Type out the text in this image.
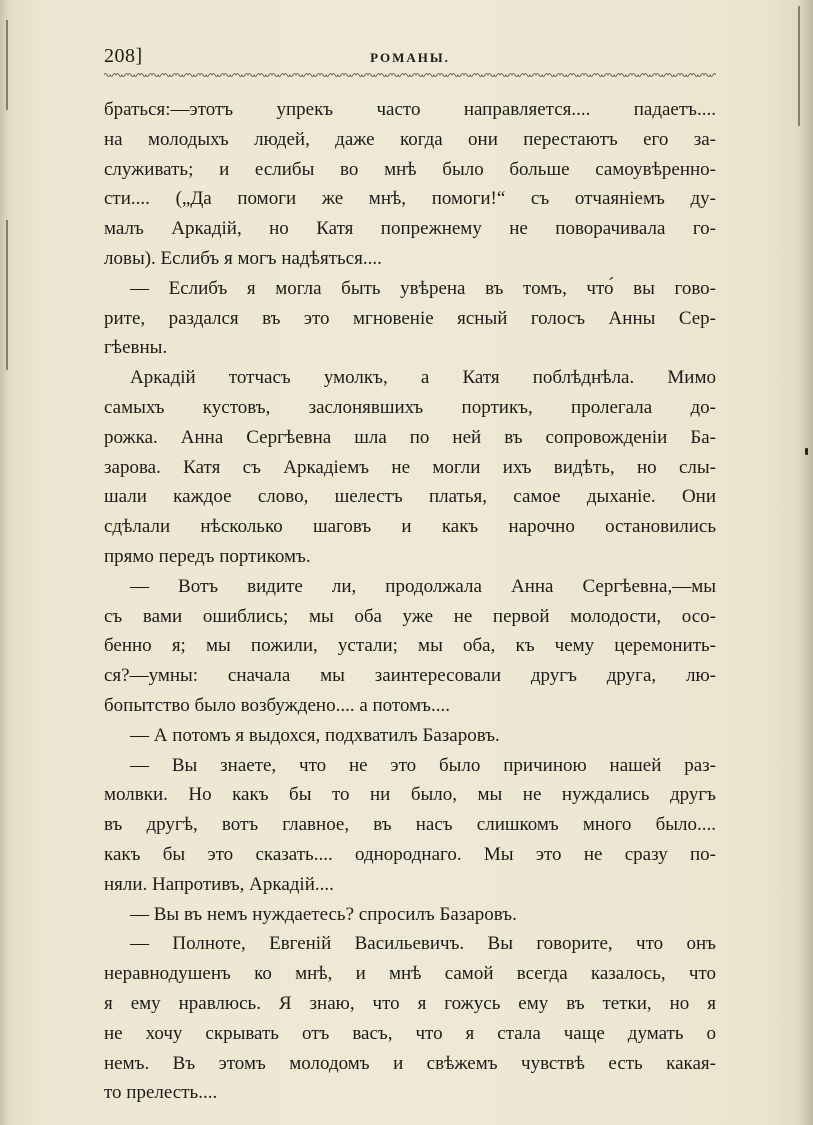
208]	РОМАНЫ.
браться:—этотъ упрекъ часто направляется.... падаетъ....
на молодыхъ людей, даже когда они перестаютъ его за-
служивать; и еслибы во мнѣ было больше самоувѣренно-
сти.... („Да помоги же мнѣ, помоги!“ съ отчаяніемъ ду-
малъ Аркадій, но Катя попрежнему не поворачивала го-
ловы). Еслибъ я могъ надѣяться....
— Еслибъ я могла быть увѣрена въ томъ, что́ вы гово-
рите, раздался въ это мгновеніе ясный голосъ Анны Сер-
гѣевны.
Аркадій тотчасъ умолкъ, а Катя поблѣднѣла. Мимо
самыхъ кустовъ, заслонявшихъ портикъ, пролегала до-
рожка. Анна Сергѣевна шла по ней въ сопровожденіи Ба-
зарова. Катя съ Аркадіемъ не могли ихъ видѣть, но слы-
шали каждое слово, шелестъ платья, самое дыханіе. Они
сдѣлали нѣсколько шаговъ и какъ нарочно остановились
прямо передъ портикомъ.
— Вотъ видите ли, продолжала Анна Сергѣевна,—мы
съ вами ошиблись; мы оба уже не первой молодости, осо-
бенно я; мы пожили, устали; мы оба, къ чему церемонить-
ся?—умны: сначала мы заинтересовали другъ друга, лю-
бопытство было возбуждено.... а потомъ....
— А потомъ я выдохся, подхватилъ Базаровъ.
— Вы знаете, что не это было причиною нашей раз-
молвки. Но какъ бы то ни было, мы не нуждались другъ
въ другѣ, вотъ главное, въ насъ слишкомъ много было....
какъ бы это сказать.... однороднаго. Мы это не сразу по-
няли. Напротивъ, Аркадій....
— Вы въ немъ нуждаетесь? спросилъ Базаровъ.
— Полноте, Евгеній Васильевичъ. Вы говорите, что онъ
неравнодушенъ ко мнѣ, и мнѣ самой всегда казалось, что
я ему нравлюсь. Я знаю, что я гожусь ему въ тетки, но я
не хочу скрывать отъ васъ, что я стала чаще думать о
немъ. Въ этомъ молодомъ и свѣжемъ чувствѣ есть какая-
то прелесть....
